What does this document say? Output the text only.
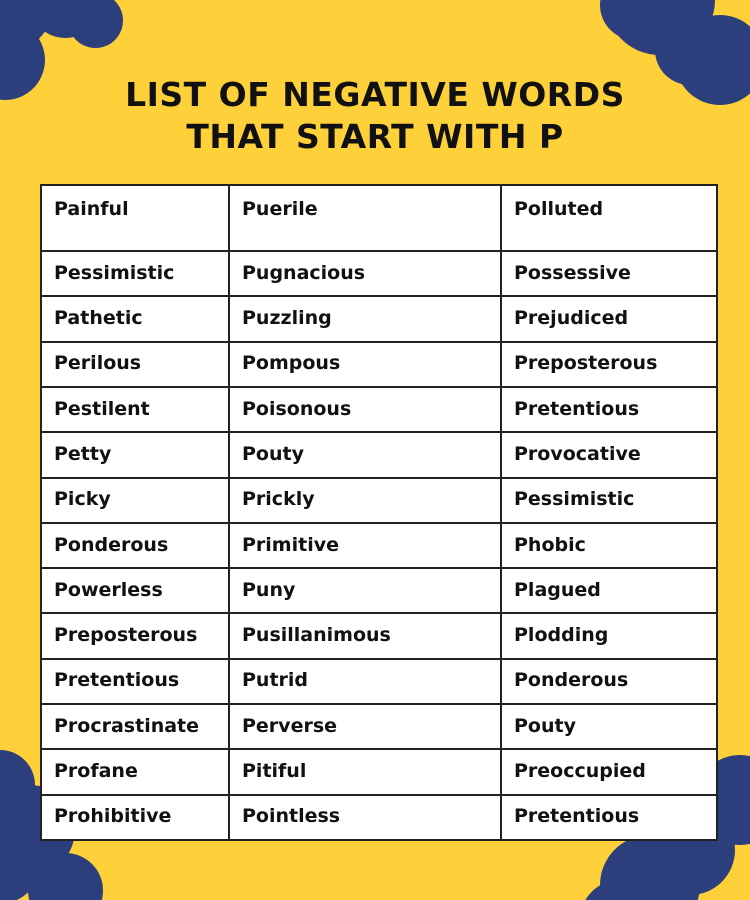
LIST OF NEGATIVE WORDS
THAT START WITH P
Painful	Puerile	Polluted
Pessimistic	Pugnacious	Possessive
Pathetic	Puzzling	Prejudiced
Perilous	Pompous	Preposterous
Pestilent	Poisonous	Pretentious
Petty	Pouty	Provocative
Picky	Prickly	Pessimistic
Ponderous	Primitive	Phobic
Powerless	Puny	Plagued
Preposterous	Pusillanimous	Plodding
Pretentious	Putrid	Ponderous
Procrastinate	Perverse	Pouty
Profane	Pitiful	Preoccupied
Prohibitive	Pointless	Pretentious
